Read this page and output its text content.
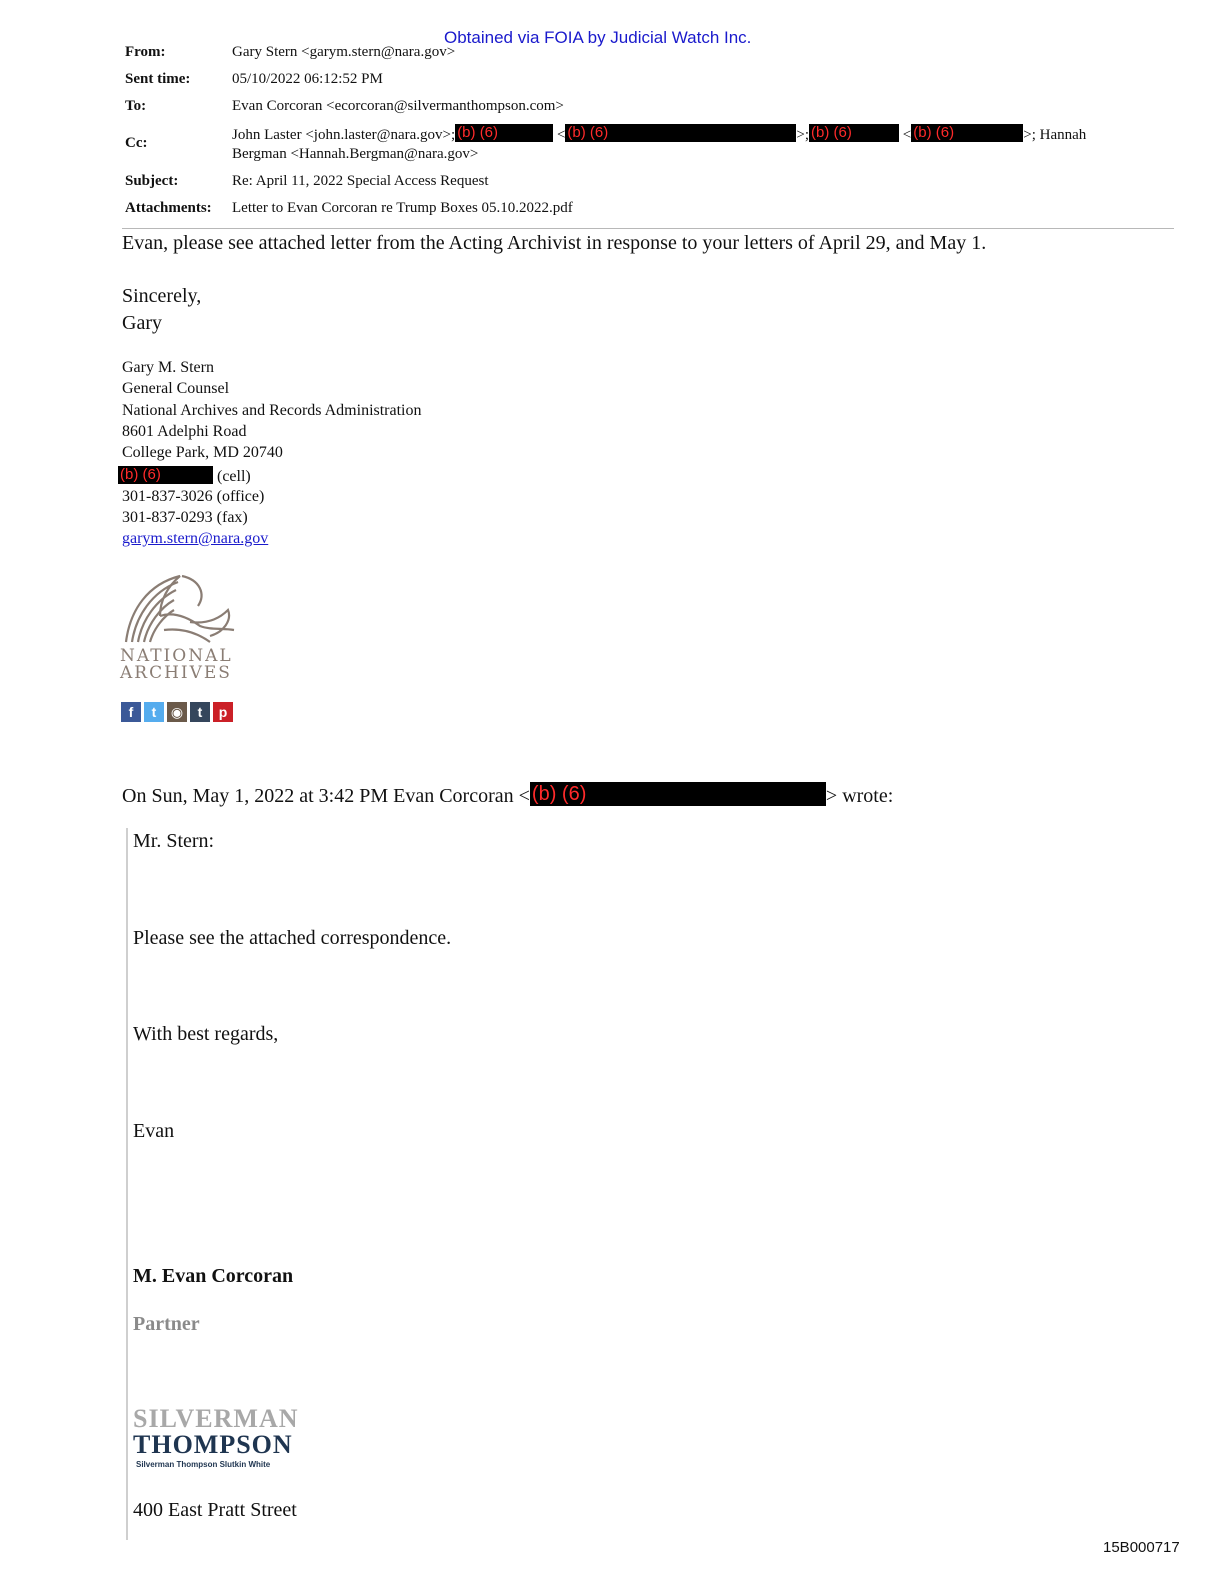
Obtained via FOIA by Judicial Watch Inc.
From:	Gary Stern <garym.stern@nara.gov>
Sent time:	05/10/2022 06:12:52 PM
To:	Evan Corcoran <ecorcoran@silvermanthompson.com>
Cc:	John Laster <john.laster@nara.gov>; (b) (6)	< (b) (6)	>; (b) (6)	< (b) (6)	>; Hannah
Bergman <Hannah.Bergman@nara.gov>
Subject:	Re: April 11, 2022 Special Access Request
Attachments: Letter to Evan Corcoran re Trump Boxes 05.10.2022.pdf
Evan, please see attached letter from the Acting Archivist in response to your letters of April 29, and May 1.
Sincerely,
Gary
Gary M. Stern
General Counsel
National Archives and Records Administration
8601 Adelphi Road
College Park, MD 20740
(b) (6)	(cell)
301-837-3026 (office)
301-837-0293 (fax)
garym.stern@nara.gov
NATIONAL
ARCHIVES
f	t	◉	t	p
On Sun, May 1, 2022 at 3:42 PM Evan Corcoran < (b) (6)	> wrote:
Mr. Stern:
Please see the attached correspondence.
With best regards,
Evan
M. Evan Corcoran
Partner
SILVERMAN
THOMPSON
Silverman Thompson Slutkin White
400 East Pratt Street
15B000717
